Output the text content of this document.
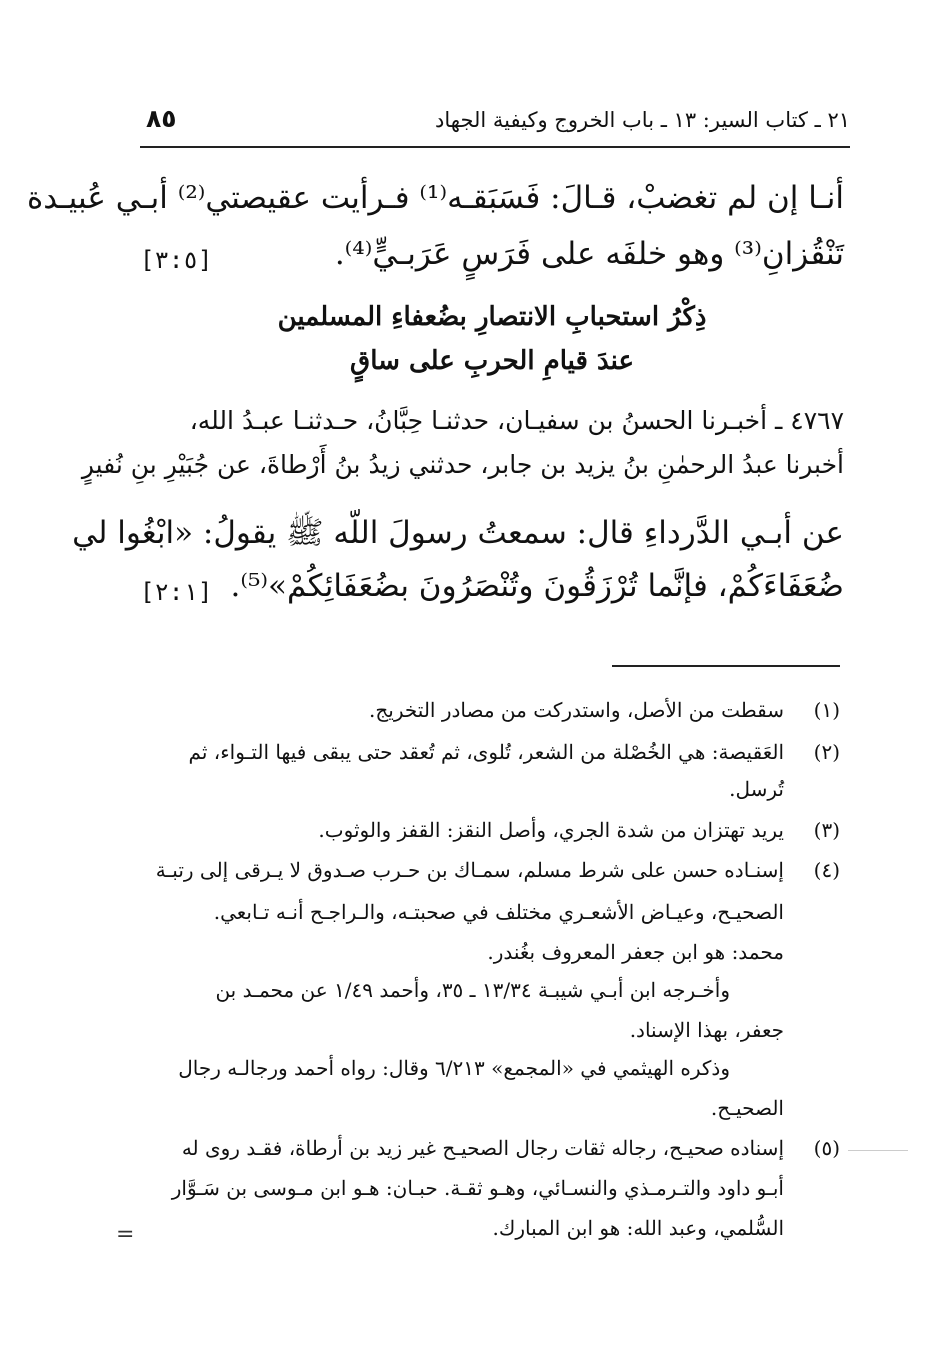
٢١ ـ كتاب السير: ١٣ ـ باب الخروج وكيفية الجهاد
٨٥
أنـا إن لم تغضبْ، قـالَ: فَسَبَقـه⁽¹⁾ فـرأيت عقيصتي⁽²⁾ أبـي عُبيـدة
تَنْقُزانِ⁽³⁾ وهو خلفَه على فَرَسٍ عَرَبـيٍّ⁽⁴⁾.
[٣:٥]
ذِكْرُ استحبابِ الانتصارِ بضُعفاءِ المسلمين
عندَ قيامِ الحربِ على ساقٍ
٤٧٦٧ ـ أخبـرنا الحسنُ بن سفيـان، حدثنـا حِبَّانُ، حـدثنـا عبـدُ الله،
أخبرنا عبدُ الرحمٰنِ بنُ يزيد بن جابر، حدثني زيدُ بنُ أَرْطاةَ، عن جُبَيْرِ بنِ نُفيرٍ
عن أبـي الدَّرداءِ قال: سمعتُ رسولَ اللّه ﷺ يقولُ: «ابْغُوا لي
ضُعَفَاءَكُمْ، فإنَّما تُرْزَقُونَ وتُنْصَرُونَ بضُعَفَائِكُمْ»⁽⁵⁾.
[٢:١]
(١)
سقطت من الأصل، واستدركت من مصادر التخريج.
(٢)
العَقيصة: هي الخُصْلة من الشعر، تُلوى، ثم تُعقد حتى يبقى فيها التـواء، ثم
تُرسل.
(٣)
يريد تهتزان من شدة الجري، وأصل النقز: القفز والوثوب.
(٤)
إسنـاده حسن على شرط مسلم، سمـاك بن حـرب صـدوق لا يـرقى إلى رتبـة
الصحيـح، وعيـاض الأشعـري مختلف في صحبتـه، والـراجـح أنـه تـابعي.
محمد: هو ابن جعفر المعروف بغُندر.
وأخـرجه ابن أبـي شيبـة ١٣/٣٤ ـ ٣٥، وأحمد ١/٤٩ عن محمـد بن
جعفر، بهذا الإسناد.
وذكره الهيثمي في «المجمع» ٦/٢١٣ وقال: رواه أحمد ورجالـه رجال
الصحيـح.
(٥)
إسناده صحيـح، رجاله ثقات رجال الصحيـح غير زيد بن أرطاة، فقـد روى له
أبـو داود والتـرمـذي والنسـائي، وهـو ثقـة. حبـان: هـو ابن مـوسى بن سَـوَّار
السُّلمي، وعبد الله: هو ابن المبارك.
=
